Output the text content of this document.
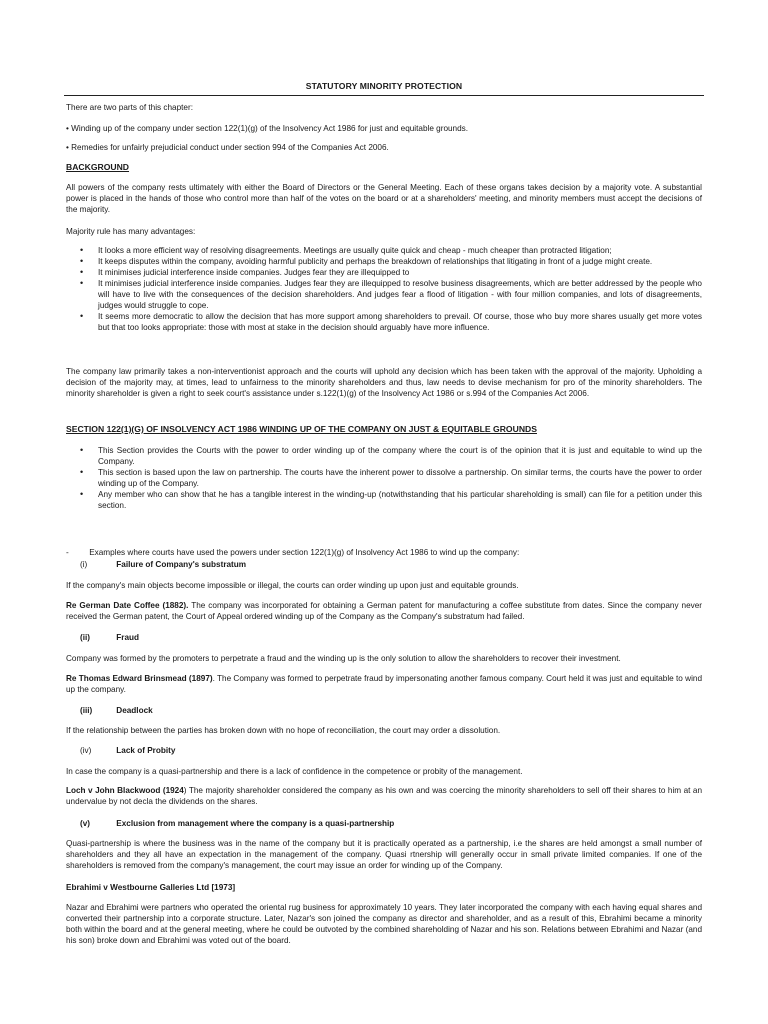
STATUTORY MINORITY PROTECTION

There are two parts of this chapter:

• Winding up of the company under section 122(1)(g) of the Insolvency Act 1986 for just and equitable grounds.

• Remedies for unfairly prejudicial conduct under section 994 of the Companies Act 2006.

BACKGROUND

All powers of the company rests ultimately with either the Board of Directors or the General Meeting. Each of these organs takes decision by a majority vote. A substantial power is placed in the hands of those who control more than half of the votes on the board or at a shareholders' meeting, and minority members must accept the decisions of the majority.

Majority rule has many advantages:

• It looks a more efficient way of resolving disagreements. Meetings are usually quite quick and cheap - much cheaper than protracted litigation;
• It keeps disputes within the company, avoiding harmful publicity and perhaps the breakdown of relationships that litigating in front of a judge might create.
• It minimises judicial interference inside companies. Judges fear they are illequipped to
• It minimises judicial interference inside companies. Judges fear they are illequipped to resolve business disagreements, which are better addressed by the people who will have to live with the consequences of the decision shareholders. And judges fear a flood of litigation - with four million companies, and lots of disagreements, judges would struggle to cope.
• It seems more democratic to allow the decision that has more support among shareholders to prevail. Of course, those who buy more shares usually get more votes but that too looks appropriate: those with most at stake in the decision should arguably have more influence.

The company law primarily takes a non-interventionist approach and the courts will uphold any decision which has been taken with the approval of the majority. Upholding a decision of the majority may, at times, lead to unfairness to the minority shareholders and thus, law needs to devise mechanism for pro of the minority shareholders. The minority shareholder is given a right to seek court's assistance under s.122(1)(g) of the Insolvency Act 1986 or s.994 of the Companies Act 2006.

SECTION 122(1)(G) OF INSOLVENCY ACT 1986 WINDING UP OF THE COMPANY ON JUST & EQUITABLE GROUNDS

• This Section provides the Courts with the power to order winding up of the company where the court is of the opinion that it is just and equitable to wind up the Company.
• This section is based upon the law on partnership. The courts have the inherent power to dissolve a partnership. On similar terms, the courts have the power to order winding up of the Company.
• Any member who can show that he has a tangible interest in the winding-up (notwithstanding that his particular shareholding is small) can file for a petition under this section.

-         Examples where courts have used the powers under section 122(1)(g) of Insolvency Act 1986 to wind up the company:

(i)	Failure of Company's substratum

If the company's main objects become impossible or illegal, the courts can order winding up upon just and equitable grounds.

Re German Date Coffee (1882). The company was incorporated for obtaining a German patent for manufacturing a coffee substitute from dates. Since the company never received the German patent, the Court of Appeal ordered winding up of the Company as the Company's substratum had failed.

(ii)	Fraud

Company was formed by the promoters to perpetrate a fraud and the winding up is the only solution to allow the shareholders to recover their investment.

Re Thomas Edward Brinsmead (1897). The Company was formed to perpetrate fraud by impersonating another famous company. Court held it was just and equitable to wind up the company.

(iii)	Deadlock

If the relationship between the parties has broken down with no hope of reconciliation, the court may order a dissolution.

(iv)	Lack of Probity

In case the company is a quasi-partnership and there is a lack of confidence in the competence or probity of the management.

Loch v John Blackwood (1924) The majority shareholder considered the company as his own and was coercing the minority shareholders to sell off their shares to him at an undervalue by not decla the dividends on the shares.

(v)	Exclusion from management where the company is a quasi-partnership

Quasi-partnership is where the business was in the name of the company but it is practically operated as a partnership, i.e the shares are held amongst a small number of shareholders and they all have an expectation in the management of the company. Quasi rtnership will generally occur in small private limited companies. If one of the shareholders is removed from the company's management, the court may issue an order for winding up of the Company.

Ebrahimi v Westbourne Galleries Ltd [1973]

Nazar and Ebrahimi were partners who operated the oriental rug business for approximately 10 years. They later incorporated the company with each having equal shares and converted their partnership into a corporate structure. Later, Nazar's son joined the company as director and shareholder, and as a result of this, Ebrahimi became a minority both within the board and at the general meeting, where he could be outvoted by the combined shareholding of Nazar and his son. Relations between Ebrahimi and Nazar (and his son) broke down and Ebrahimi was voted out of the board.
